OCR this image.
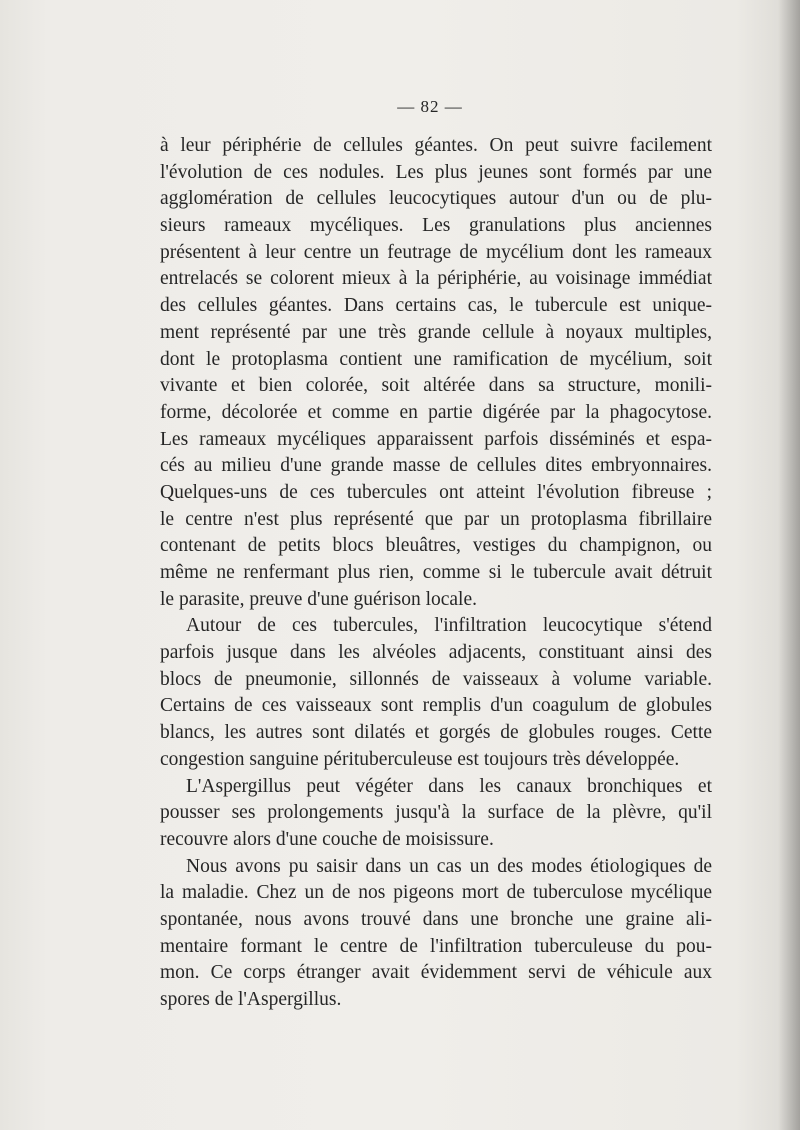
— 82 —
à leur périphérie de cellules géantes. On peut suivre facilement
l'évolution de ces nodules. Les plus jeunes sont formés par une
agglomération de cellules leucocytiques autour d'un ou de plu-
sieurs rameaux mycéliques. Les granulations plus anciennes
présentent à leur centre un feutrage de mycélium dont les rameaux
entrelacés se colorent mieux à la périphérie, au voisinage immédiat
des cellules géantes. Dans certains cas, le tubercule est unique-
ment représenté par une très grande cellule à noyaux multiples,
dont le protoplasma contient une ramification de mycélium, soit
vivante et bien colorée, soit altérée dans sa structure, monili-
forme, décolorée et comme en partie digérée par la phagocytose.
Les rameaux mycéliques apparaissent parfois disséminés et espa-
cés au milieu d'une grande masse de cellules dites embryonnaires.
Quelques-uns de ces tubercules ont atteint l'évolution fibreuse ;
le centre n'est plus représenté que par un protoplasma fibrillaire
contenant de petits blocs bleuâtres, vestiges du champignon, ou
même ne renfermant plus rien, comme si le tubercule avait détruit
le parasite, preuve d'une guérison locale.
Autour de ces tubercules, l'infiltration leucocytique s'étend
parfois jusque dans les alvéoles adjacents, constituant ainsi des
blocs de pneumonie, sillonnés de vaisseaux à volume variable.
Certains de ces vaisseaux sont remplis d'un coagulum de globules
blancs, les autres sont dilatés et gorgés de globules rouges. Cette
congestion sanguine pérituberculeuse est toujours très développée.
L'Aspergillus peut végéter dans les canaux bronchiques et
pousser ses prolongements jusqu'à la surface de la plèvre, qu'il
recouvre alors d'une couche de moisissure.
Nous avons pu saisir dans un cas un des modes étiologiques de
la maladie. Chez un de nos pigeons mort de tuberculose mycélique
spontanée, nous avons trouvé dans une bronche une graine ali-
mentaire formant le centre de l'infiltration tuberculeuse du pou-
mon. Ce corps étranger avait évidemment servi de véhicule aux
spores de l'Aspergillus.
